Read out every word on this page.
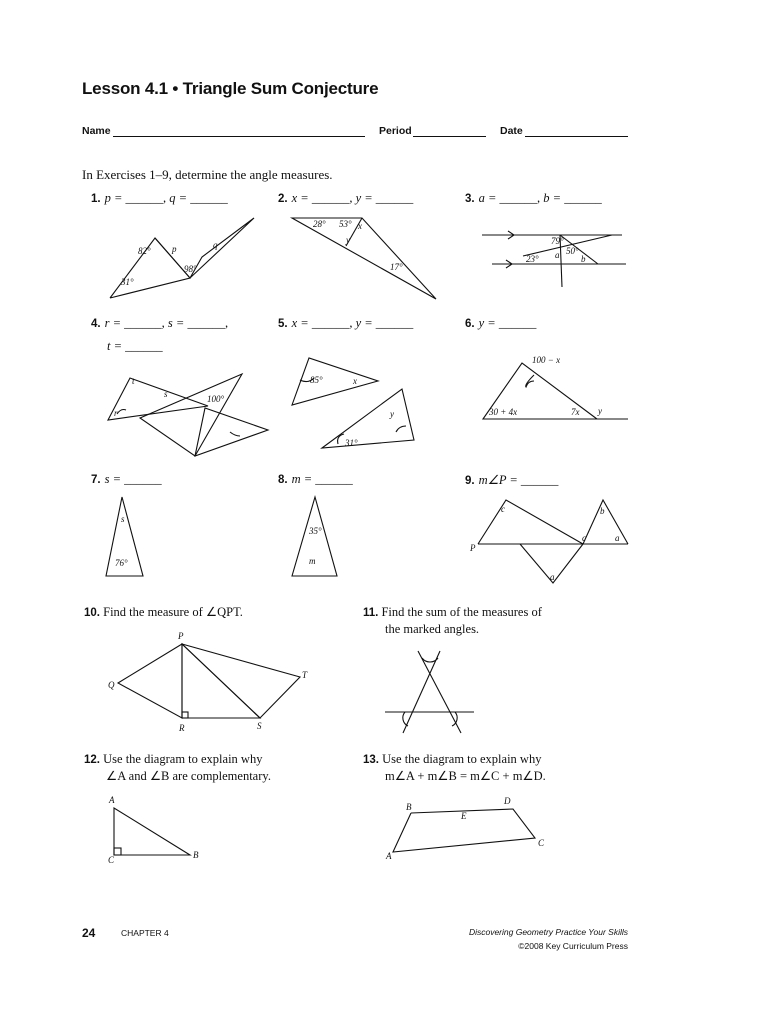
Lesson 4.1 • Triangle Sum Conjecture
Name	Period	Date
In Exercises 1–9, determine the angle measures.
1. p = ______, q = ______	2. x = ______, y = ______	3. a = ______, b = ______
4. r = ______, s = ______,
t = ______
5. x = ______, y = ______	6. y = ______
7. s = ______	8. m = ______	9. m∠P = ______
10. Find the measure of ∠QPT.	11. Find the sum of the measures of
the marked angles.
12. Use the diagram to explain why
∠A and ∠B are complementary.
13. Use the diagram to explain why
m∠A + m∠B = m∠C + m∠D.
82° p	q
98°
31°
28° 53° x
y
17°
79°
50°
a b
23°
t
s	100°
r
85°	x
y
31°
100 − x
30 + 4x	7x y
s
76°
35°
m
c	b
c	a
P
a
P
Q
T
R	S
A
C	B
B
D
E
C
A
24	CHAPTER 4	Discovering Geometry Practice Your Skills
©2008 Key Curriculum Press
